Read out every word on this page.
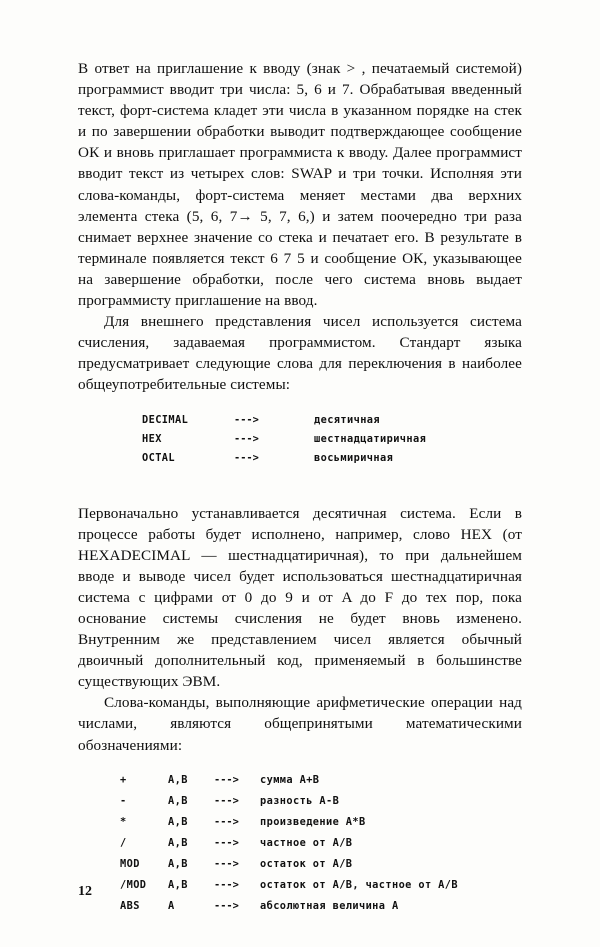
В ответ на приглашение к вводу (знак > , печатаемый системой) программист вводит три числа: 5, 6 и 7. Обрабатывая введенный текст, форт-система кладет эти числа в указанном порядке на стек и по завершении обработки выводит подтверждающее сообщение ОК и вновь приглашает программиста к вводу. Далее программист вводит текст из четырех слов: SWAP и три точки. Исполняя эти слова-команды, форт-система меняет местами два верхних элемента стека (5, 6, 7→ 5, 7, 6,) и затем поочередно три раза снимает верхнее значение со стека и печатает его. В результате в терминале появляется текст 6 7 5 и сообщение ОК, указывающее на завершение обработки, после чего система вновь выдает программисту приглашение на ввод.

Для внешнего представления чисел используется система счисления, задаваемая программистом. Стандарт языка предусматривает следующие слова для переключения в наиболее общеупотребительные системы:

DECIMAL	--->	десятичная
HEX	--->	шестнадцатиричная
OCTAL	--->	восьмиричная

Первоначально устанавливается десятичная система. Если в процессе работы будет исполнено, например, слово HEX (от HEXADECIMAL — шестнадцатиричная), то при дальнейшем вводе и выводе чисел будет использоваться шестнадцатиричная система с цифрами от 0 до 9 и от A до F до тех пор, пока основание системы счисления не будет вновь изменено. Внутренним же представлением чисел является обычный двоичный дополнительный код, применяемый в большинстве существующих ЭВМ.

Слова-команды, выполняющие арифметические операции над числами, являются общепринятыми математическими обозначениями:

+	A,B	--->	сумма A+B
-	A,B	--->	разность A-B
*	A,B	--->	произведение A*B
/	A,B	--->	частное от A/B
MOD	A,B	--->	остаток от A/B
/MOD	A,B	--->	остаток от A/B, частное от A/B
ABS	A	--->	абсолютная величина A
12
